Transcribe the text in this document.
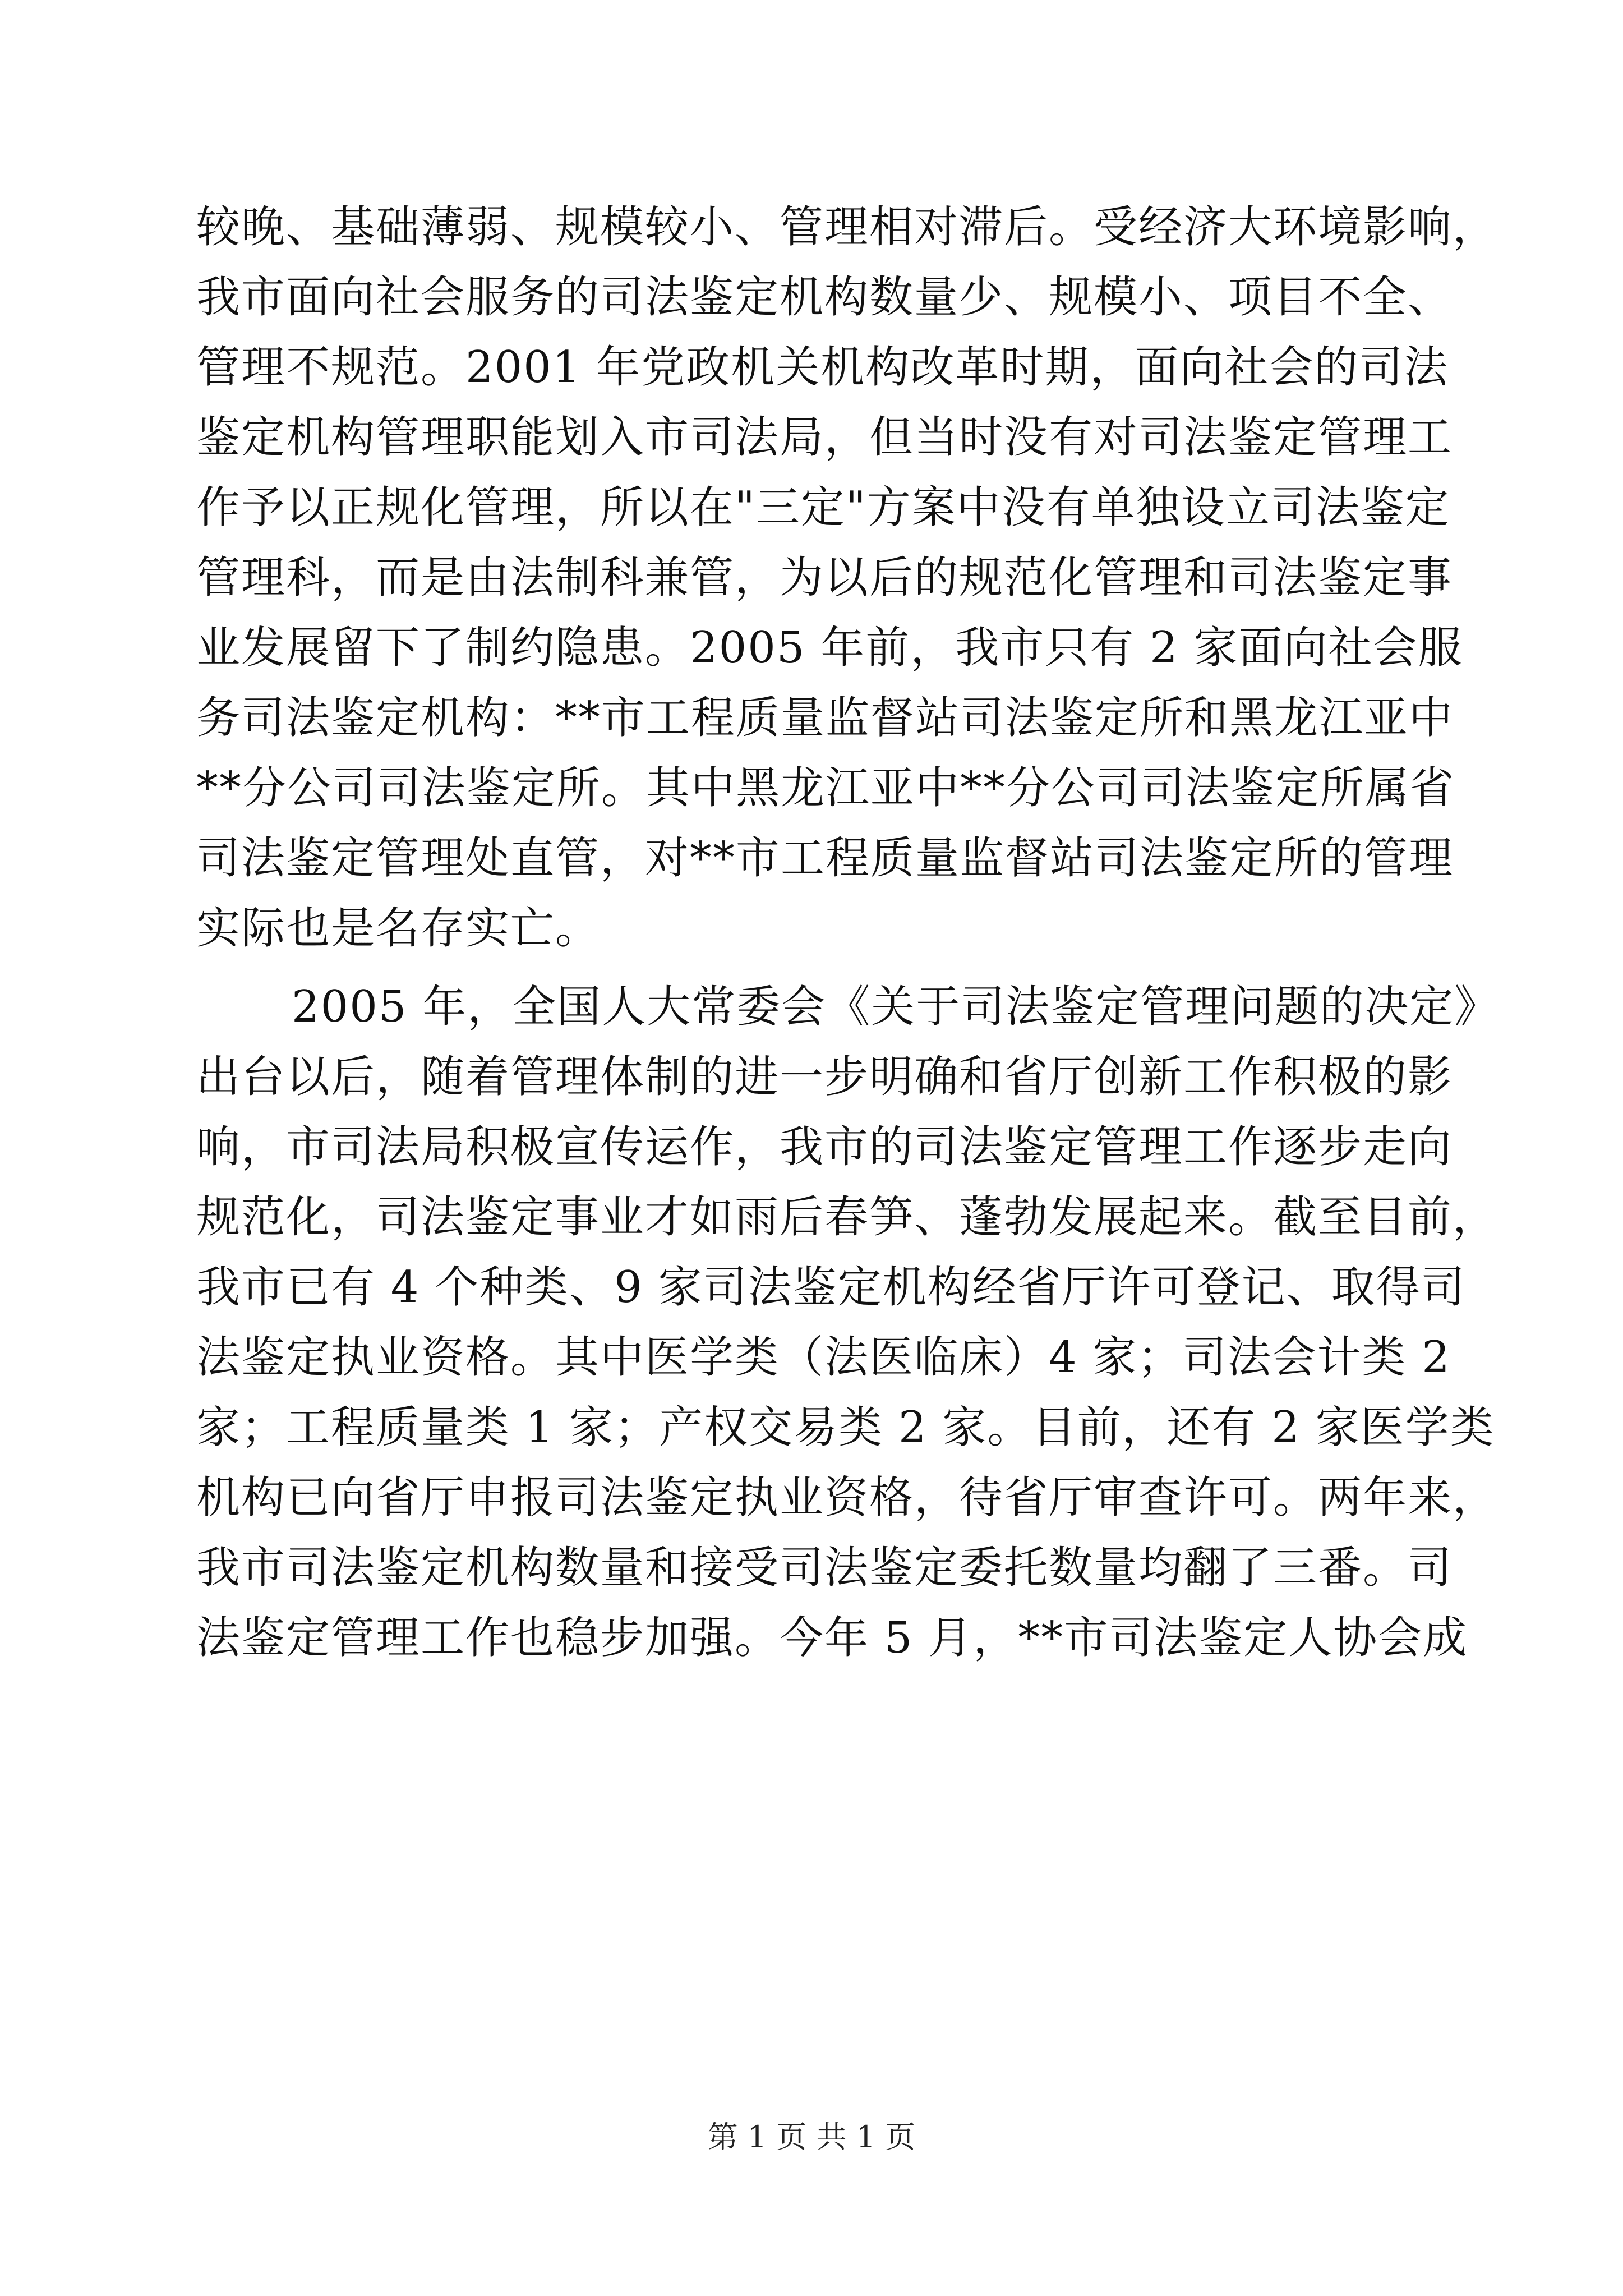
较晚、基础薄弱、规模较小、管理相对滞后。受经济大环境影响，
我市面向社会服务的司法鉴定机构数量少、规模小、项目不全、
管理不规范。2001 年党政机关机构改革时期，面向社会的司法
鉴定机构管理职能划入市司法局，但当时没有对司法鉴定管理工
作予以正规化管理，所以在"三定"方案中没有单独设立司法鉴定
管理科，而是由法制科兼管，为以后的规范化管理和司法鉴定事
业发展留下了制约隐患。2005 年前，我市只有 2 家面向社会服
务司法鉴定机构：**市工程质量监督站司法鉴定所和黑龙江亚中
**分公司司法鉴定所。其中黑龙江亚中**分公司司法鉴定所属省
司法鉴定管理处直管，对**市工程质量监督站司法鉴定所的管理
实际也是名存实亡。
2005 年，全国人大常委会《关于司法鉴定管理问题的决定》
出台以后，随着管理体制的进一步明确和省厅创新工作积极的影
响，市司法局积极宣传运作，我市的司法鉴定管理工作逐步走向
规范化，司法鉴定事业才如雨后春笋、蓬勃发展起来。截至目前，
我市已有 4 个种类、9 家司法鉴定机构经省厅许可登记、取得司
法鉴定执业资格。其中医学类（法医临床）4 家；司法会计类 2
家；工程质量类 1 家；产权交易类 2 家。目前，还有 2 家医学类
机构已向省厅申报司法鉴定执业资格，待省厅审查许可。两年来，
我市司法鉴定机构数量和接受司法鉴定委托数量均翻了三番。司
法鉴定管理工作也稳步加强。今年 5 月，**市司法鉴定人协会成
第 1 页 共 1 页
